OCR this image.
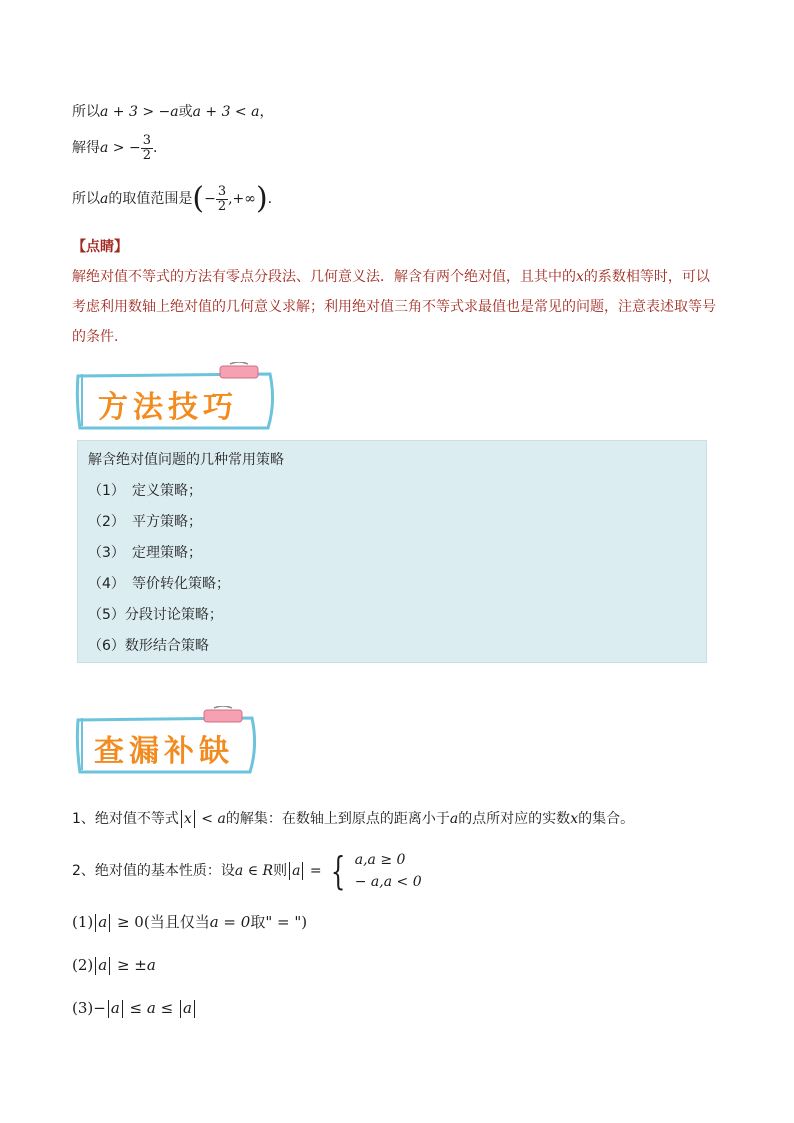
所以a + 3 > −a或a + 3 < a，
解得a > − $\frac{3}{2}$ .
所以a的取值范围是(− $\frac{3}{2}$ ,+∞).
【点睛】
解绝对值不等式的方法有零点分段法、几何意义法．解含有两个绝对值，且其中的x的系数相等时，可以
考虑利用数轴上绝对值的几何意义求解；利用绝对值三角不等式求最值也是常见的问题，注意表述取等号
的条件.
方法技巧
解含绝对值问题的几种常用策略
（1） 定义策略；
（2） 平方策略；
（3） 定理策略；
（4） 等价转化策略；
（5）分段讨论策略；
（6）数形结合策略
查漏补缺
1、绝对值不等式 x < a的解集：在数轴上到原点的距离小于a的点所对应的实数x的集合。
2、绝对值的基本性质：设a ∈ R则 a = { a,a ≥ 0
− a,a < 0
(1) a ≥ 0(当且仅当a = 0取" = ")
(2) a ≥ ±a
(3)− a ≤ a ≤ a
